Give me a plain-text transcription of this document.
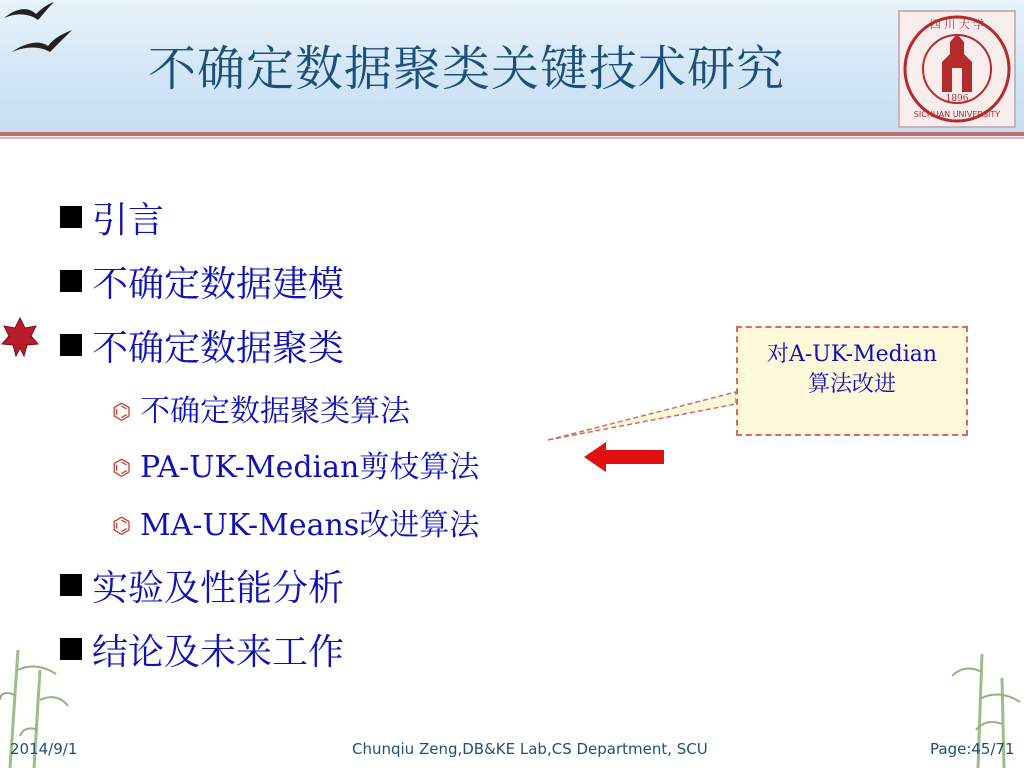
不确定数据聚类关键技术研究
四 川 大 学
1896
SICHUAN UNIVERSITY
引言
不确定数据建模
不确定数据聚类
⌬ 不确定数据聚类算法
⌬ PA-UK-Median剪枝算法
⌬ MA-UK-Means改进算法
实验及性能分析
结论及未来工作
对A-UK-Median
算法改进
2014/9/1	Chunqiu Zeng,DB&KE Lab,CS Department, SCU	Page:45/71
